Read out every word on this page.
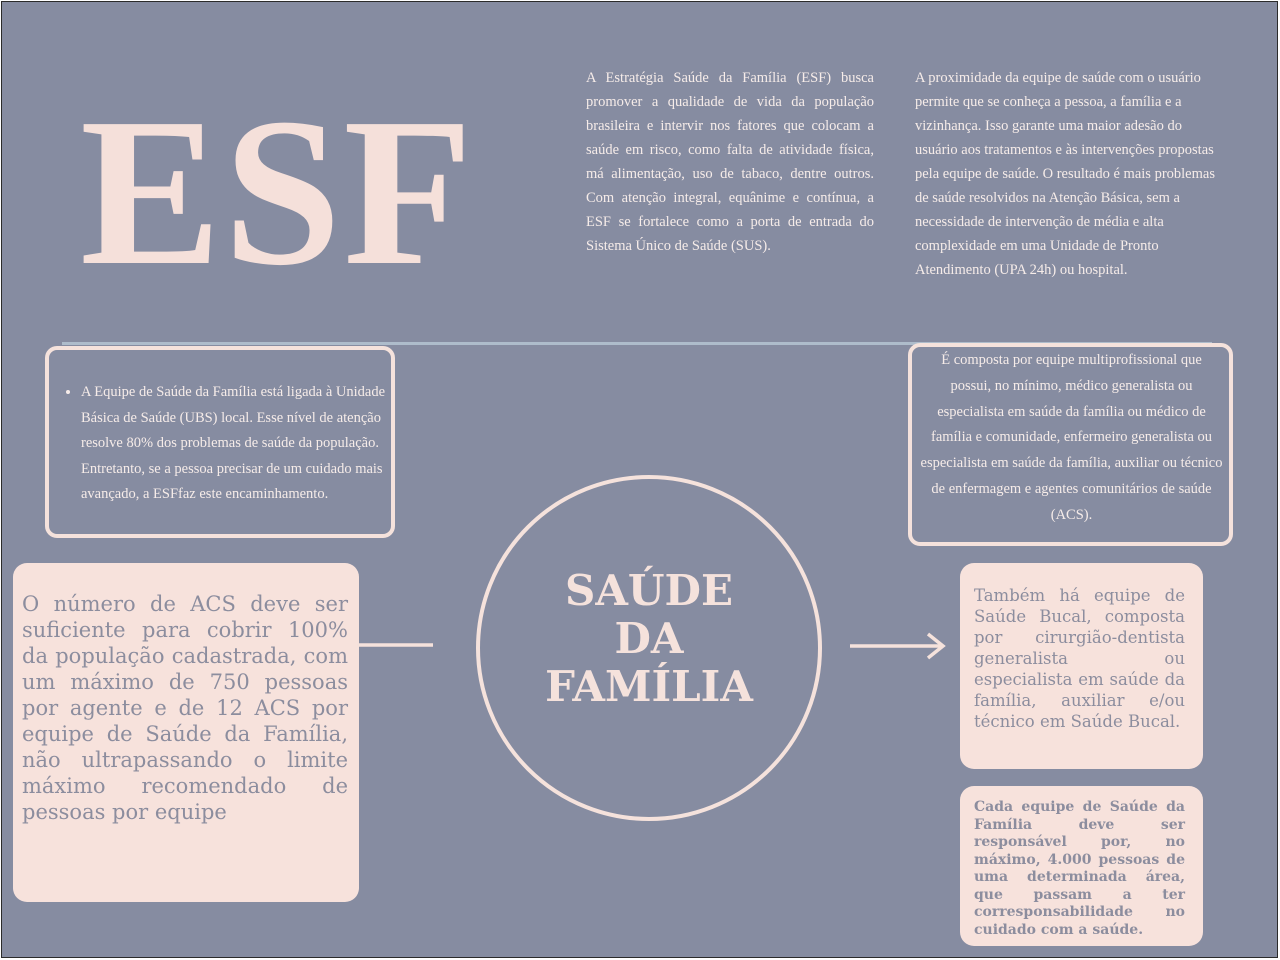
ESF	A Estratégia Saúde da Família (ESF) busca promover a qualidade de vida da população brasileira e intervir nos fatores que colocam a saúde em risco, como falta de atividade física, má alimentação, uso de tabaco, dentre outros. Com atenção integral, equânime e contínua, a ESF se fortalece como a porta de entrada do Sistema Único de Saúde (SUS).

A proximidade da equipe de saúde com o usuário permite que se conheça a pessoa, a família e a vizinhança. Isso garante uma maior adesão do usuário aos tratamentos e às intervenções propostas pela equipe de saúde. O resultado é mais problemas de saúde resolvidos na Atenção Básica, sem a necessidade de intervenção de média e alta complexidade em uma Unidade de Pronto Atendimento (UPA 24h) ou hospital.

• A Equipe de Saúde da Família está ligada à Unidade Básica de Saúde (UBS) local. Esse nível de atenção resolve 80% dos problemas de saúde da população. Entretanto, se a pessoa precisar de um cuidado mais avançado, a ESFfaz este encaminhamento.

É composta por equipe multiprofissional que possui, no mínimo, médico generalista ou especialista em saúde da família ou médico de família e comunidade, enfermeiro generalista ou especialista em saúde da família, auxiliar ou técnico de enfermagem e agentes comunitários de saúde (ACS).

O número de ACS deve ser suficiente para cobrir 100% da população cadastrada, com um máximo de 750 pessoas por agente e de 12 ACS por equipe de Saúde da Família, não ultrapassando o limite máximo recomendado de pessoas por equipe

SAÚDE
DA
FAMÍLIA

Também há equipe de Saúde Bucal, composta por cirurgião-dentista generalista ou especialista em saúde da família, auxiliar e/ou técnico em Saúde Bucal.

Cada equipe de Saúde da Família deve ser responsável por, no máximo, 4.000 pessoas de uma determinada área, que passam a ter corresponsabilidade no cuidado com a saúde.
